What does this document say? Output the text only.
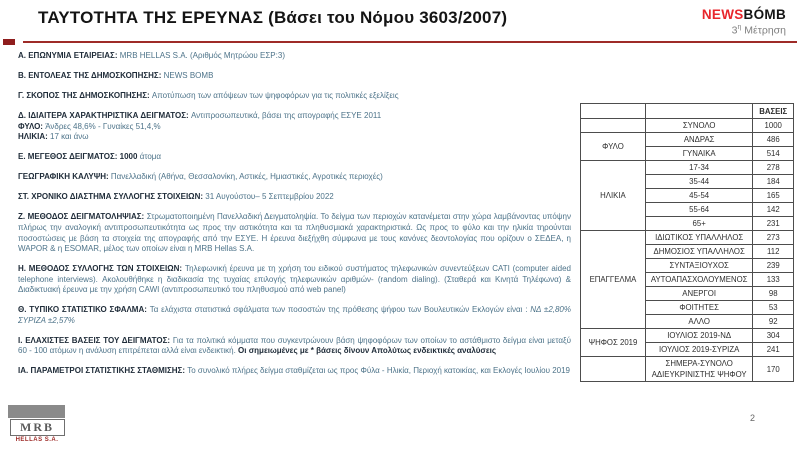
ΤΑΥΤΟΤΗΤΑ ΤΗΣ ΕΡΕΥΝΑΣ (Βάσει του Νόμου 3603/2007)	NEWSBÓMB
$3^\eta$ Μέτρηση
Α. ΕΠΩΝΥΜΙΑ ΕΤΑΙΡΕΙΑΣ: MRB HELLAS S.A. (Αριθμός Μητρώου ΕΣΡ:3)
Β. ΕΝΤΟΛΕΑΣ ΤΗΣ ΔΗΜΟΣΚΟΠΗΣΗΣ: NEWS BOMB
Γ. ΣΚΟΠΟΣ ΤΗΣ ΔΗΜΟΣΚΟΠΗΣΗΣ: Αποτύπωση των απόψεων των ψηφοφόρων για τις πολιτικές εξελίξεις
Δ. ΙΔΙΑΙΤΕΡΑ ΧΑΡΑΚΤΗΡΙΣΤΙΚΑ ΔΕΙΓΜΑΤΟΣ: Αντιπροσωπευτικά, βάσει της απογραφής ΕΣΥΕ 2011
ΦΥΛΟ: Άνδρες 48,6% - Γυναίκες 51,4,%
ΗΛΙΚΙΑ: 17 και άνω
Ε. ΜΕΓΕΘΟΣ ΔΕΙΓΜΑΤΟΣ: 1000 άτομα
ΓΕΩΓΡΑΦΙΚΗ ΚΑΛΥΨΗ: Πανελλαδική (Αθήνα, Θεσσαλονίκη, Αστικές, Ημιαστικές, Αγροτικές περιοχές)
ΣΤ. ΧΡΟΝΙΚΟ ΔΙΑΣΤΗΜΑ ΣΥΛΛΟΓΗΣ ΣΤΟΙΧΕΙΩΝ: 31 Αυγούστου– 5 Σεπτεμβρίου 2022
Ζ. ΜΕΘΟΔΟΣ ΔΕΙΓΜΑΤΟΛΗΨΙΑΣ: Στρωματοποιημένη Πανελλαδική Δειγματοληψία. Το δείγμα των περιοχών κατανέμεται στην χώρα λαμβάνοντας υπόψην πλήρως την αναλογική αντιπροσωπευτικότητα ως προς την αστικότητα και τα πληθυσμιακά χαρακτηριστικά. Ως προς το φύλο και την ηλικία τηρούνται ποσοστώσεις με βάση τα στοιχεία της απογραφής από την ΕΣΥΕ. Η έρευνα διεξήχθη σύμφωνα με τους κανόνες δεοντολογίας που ορίζουν ο ΣΕΔΕΑ, η WAPOR & η ESOMAR, μέλος των οποίων είναι η MRB Hellas S.A.
Η. ΜΕΘΟΔΟΣ ΣΥΛΛΟΓΗΣ ΤΩΝ ΣΤΟΙΧΕΙΩΝ: Τηλεφωνική έρευνα με τη χρήση του ειδικού συστήματος τηλεφωνικών συνεντεύξεων CATI (computer aided telephone interviews). Ακολουθήθηκε η διαδικασία της τυχαίας επιλογής τηλεφωνικών αριθμών- (random dialing). (Σταθερά και Κινητά Τηλέφωνα) & Διαδικτυακή έρευνα με την χρήση CAWI (αντιπροσωπευτικό του πληθυσμού από web panel)
Θ. ΤΥΠΙΚΟ ΣΤΑΤΙΣΤΙΚΟ ΣΦΑΛΜΑ: Τα ελάχιστα στατιστικά σφάλματα των ποσοστών της πρόθεσης ψήφου των Βουλευτικών Εκλογών είναι : ΝΔ ±2,80% ΣΥΡΙΖΑ ±2,57%
Ι. ΕΛΑΧΙΣΤΕΣ ΒΑΣΕΙΣ ΤΟΥ ΔΕΙΓΜΑΤΟΣ: Για τα πολιτικά κόμματα που συγκεντρώνουν βάση ψηφοφόρων των οποίων το αστάθμιστο δείγμα είναι μεταξύ 60 - 100 ατόμων η ανάλυση επιτρέπεται αλλά είναι ενδεικτική. Οι σημειωμένες με * βάσεις δίνουν Απολύτως ενδεικτικές αναλύσεις
ΙΑ. ΠΑΡΑΜΕΤΡΟΙ ΣΤΑΤΙΣΤΙΚΗΣ ΣΤΑΘΜΙΣΗΣ: Το συνολικό πλήρες δείγμα σταθμίζεται ως προς Φύλα - Ηλικία, Περιοχή κατοικίας, και Εκλογές Ιουλίου 2019
		ΒΑΣΕΙΣ
	ΣΥΝΟΛΟ	1000
ΦΥΛΟ	ΑΝΔΡΑΣ	486
	ΓΥΝΑΙΚΑ	514
ΗΛΙΚΙΑ	17-34	278
	35-44	184
	45-54	165
	55-64	142
	65+	231
ΕΠΑΓΓΕΛΜΑ	ΙΔΙΩΤΙΚΟΣ ΥΠΑΛΛΗΛΟΣ	273
	ΔΗΜΟΣΙΟΣ ΥΠΑΛΛΗΛΟΣ	112
	ΣΥΝΤΑΞΙΟΥΧΟΣ	239
	ΑΥΤΟΑΠΑΣΧΟΛΟΥΜΕΝΟΣ	133
	ΑΝΕΡΓΟΙ	98
	ΦΟΙΤΗΤΕΣ	53
	ΑΛΛΟ	92
ΨΗΦΟΣ 2019	ΙΟΥΛΙΟΣ 2019-ΝΔ	304
	ΙΟΥΛΙΟΣ 2019-ΣΥΡΙΖΑ	241
	ΣΗΜΕΡΑ-ΣΥΝΟΛΟ ΑΔΙΕΥΚΡΙΝΙΣΤΗΣ ΨΗΦΟΥ	170
MRB
HELLAS S.A.
2
